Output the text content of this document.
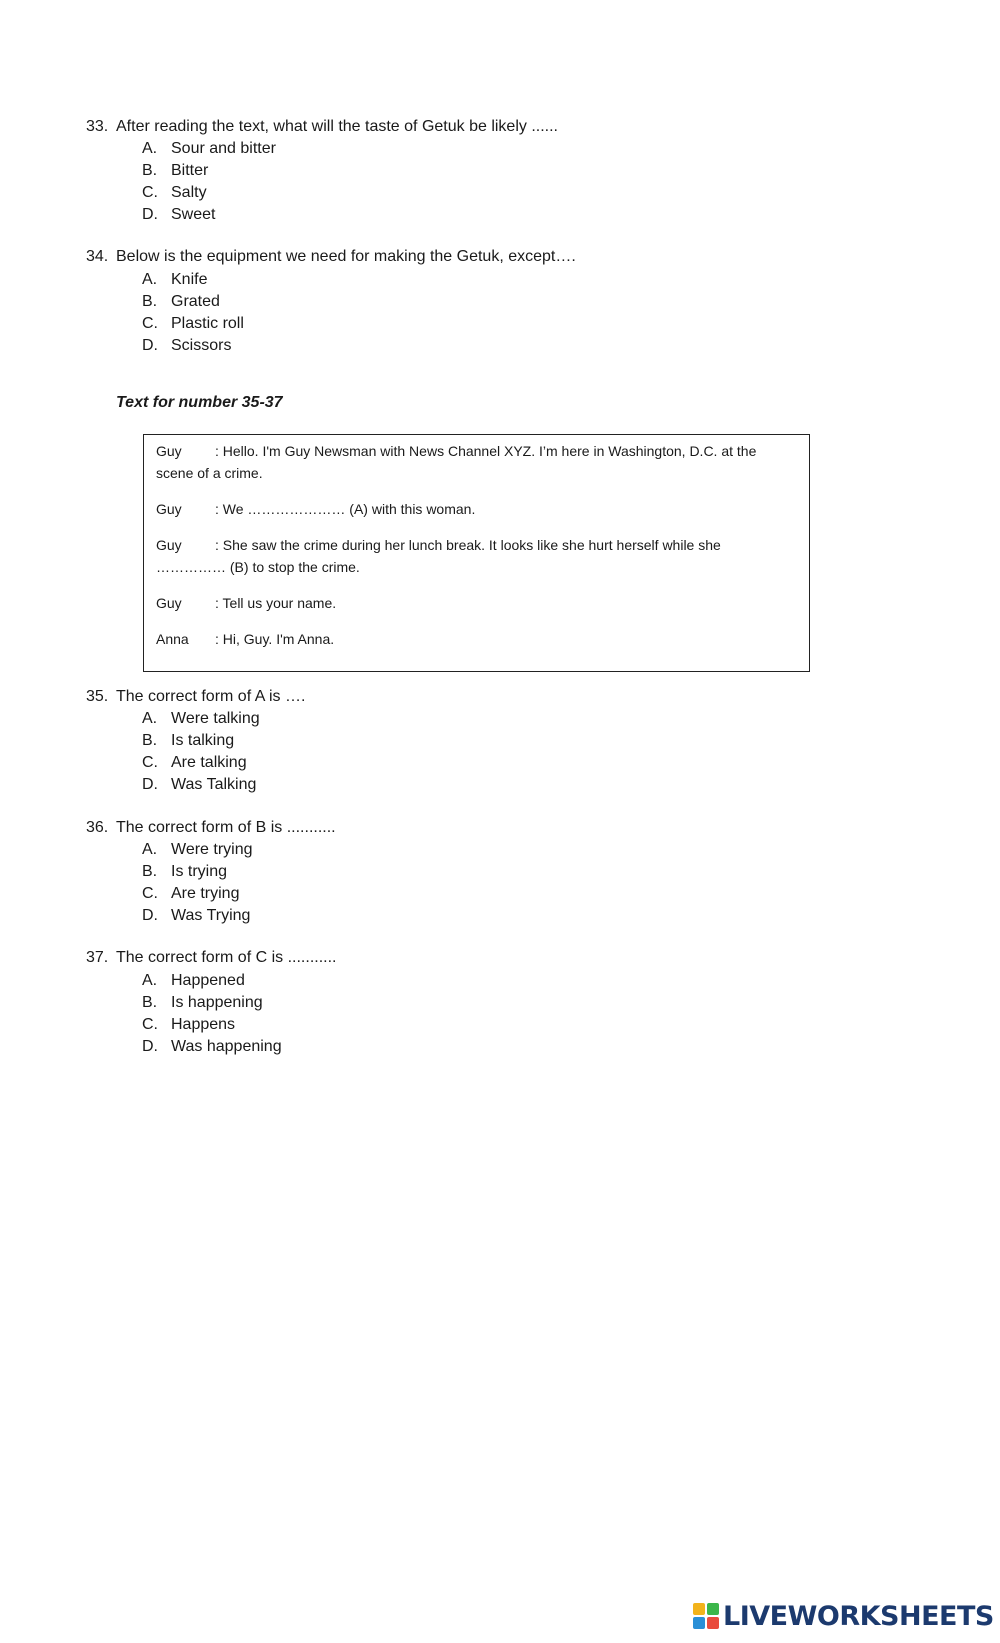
33. After reading the text, what will the taste of Getuk be likely ......
A. Sour and bitter
B. Bitter
C. Salty
D. Sweet
34. Below is the equipment we need for making the Getuk, except….
A. Knife
B. Grated
C. Plastic roll
D. Scissors
Text for number 35-37
Guy : Hello. I'm Guy Newsman with News Channel XYZ. I’m here in Washington, D.C. at the
scene of a crime.
Guy : We ………………… (A) with this woman.
Guy : She saw the crime during her lunch break. It looks like she hurt herself while she
…………… (B) to stop the crime.
Guy : Tell us your name.
Anna : Hi, Guy. I'm Anna.
35. The correct form of A is ….
A. Were talking
B. Is talking
C. Are talking
D. Was Talking
36. The correct form of B is ...........
A. Were trying
B. Is trying
C. Are trying
D. Was Trying
37. The correct form of C is ...........
A. Happened
B. Is happening
C. Happens
D. Was happening
LIVEWORKSHEETS
